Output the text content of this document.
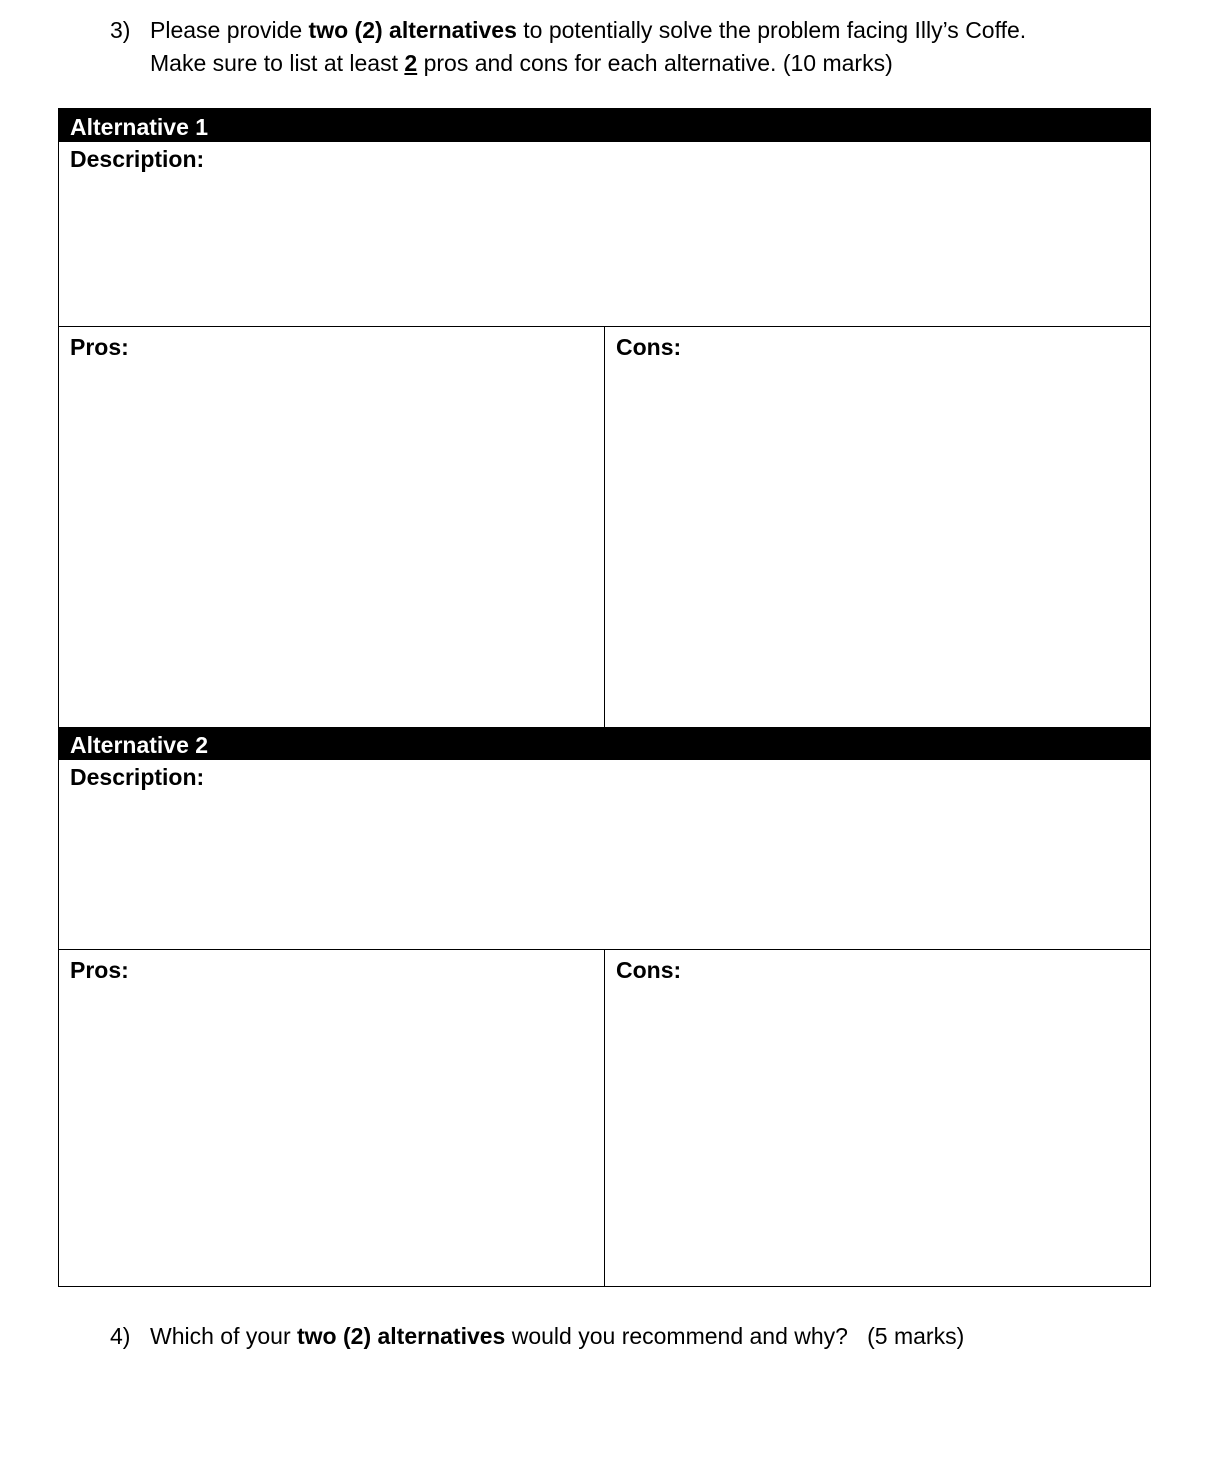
3) Please provide two (2) alternatives to potentially solve the problem facing Illy’s Coffe.
Make sure to list at least 2 pros and cons for each alternative. (10 marks)
Alternative 1
Description:
Pros:	Cons:
Alternative 2
Description:
Pros:	Cons:
4) Which of your two (2) alternatives would you recommend and why?   (5 marks)
